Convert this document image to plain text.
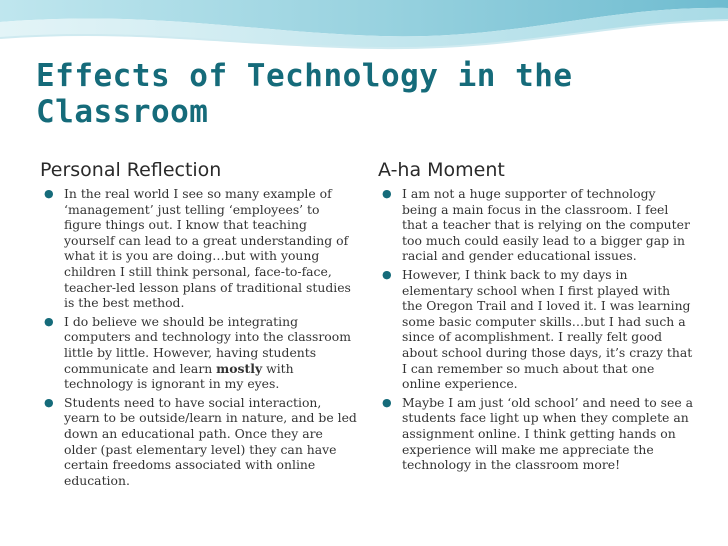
Effects of Technology in the Classroom
Personal Reflection
● In the real world I see so many example of ‘management’ just telling ‘employees’ to figure things out. I know that teaching yourself can lead to a great understanding of what it is you are doing…but with young children I still think personal, face-to-face, teacher-led lesson plans of traditional studies is the best method.
● I do believe we should be integrating computers and technology into the classroom little by little. However, having students communicate and learn mostly with technology is ignorant in my eyes.
● Students need to have social interaction, yearn to be outside/learn in nature, and be led down an educational path. Once they are older (past elementary level) they can have certain freedoms associated with online education.
A-ha Moment
● I am not a huge supporter of technology being a main focus in the classroom. I feel that a teacher that is relying on the computer too much could easily lead to a bigger gap in racial and gender educational issues.
● However, I think back to my days in elementary school when I first played with the Oregon Trail and I loved it. I was learning some basic computer skills…but I had such a since of acomplishment. I really felt good about school during those days, it’s crazy that I can remember so much about that one online experience.
● Maybe I am just ‘old school’ and need to see a students face light up when they complete an assignment online. I think getting hands on experience will make me appreciate the technology in the classroom more!
